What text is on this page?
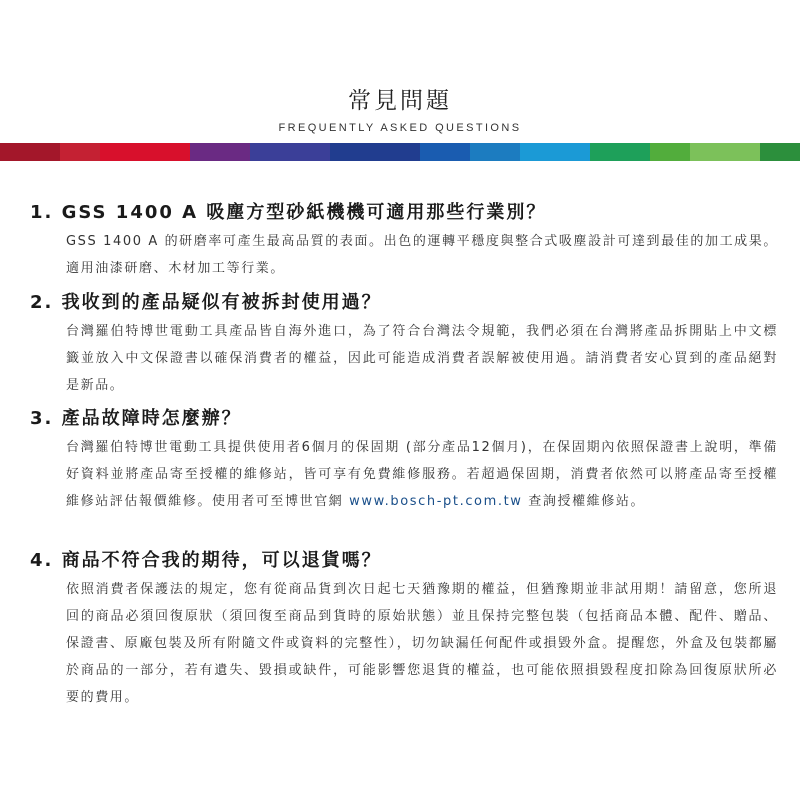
常見問題
FREQUENTLY ASKED QUESTIONS

1. GSS 1400 A 吸塵方型砂紙機機可適用那些行業別？

GSS 1400 A 的研磨率可產生最高品質的表面。出色的運轉平穩度與整合式吸塵設計可達到最佳的加工成果。適用油漆研磨、木材加工等行業。

2. 我收到的產品疑似有被拆封使用過？

台灣羅伯特博世電動工具產品皆自海外進口，為了符合台灣法令規範，我們必須在台灣將產品拆開貼上中文標籤並放入中文保證書以確保消費者的權益，因此可能造成消費者誤解被使用過。請消費者安心買到的產品絕對是新品。

3. 產品故障時怎麼辦？

台灣羅伯特博世電動工具提供使用者6個月的保固期 (部分產品12個月)，在保固期內依照保證書上說明，準備好資料並將產品寄至授權的維修站，皆可享有免費維修服務。若超過保固期，消費者依然可以將產品寄至授權維修站評估報價維修。使用者可至博世官網 www.bosch-pt.com.tw 查詢授權維修站。

4. 商品不符合我的期待，可以退貨嗎？

依照消費者保護法的規定，您有從商品貨到次日起七天猶豫期的權益，但猶豫期並非試用期！請留意，您所退回的商品必須回復原狀（須回復至商品到貨時的原始狀態）並且保持完整包裝（包括商品本體、配件、贈品、保證書、原廠包裝及所有附隨文件或資料的完整性），切勿缺漏任何配件或損毀外盒。提醒您，外盒及包裝都屬於商品的一部分，若有遺失、毀損或缺件，可能影響您退貨的權益，也可能依照損毀程度扣除為回復原狀所必要的費用。
